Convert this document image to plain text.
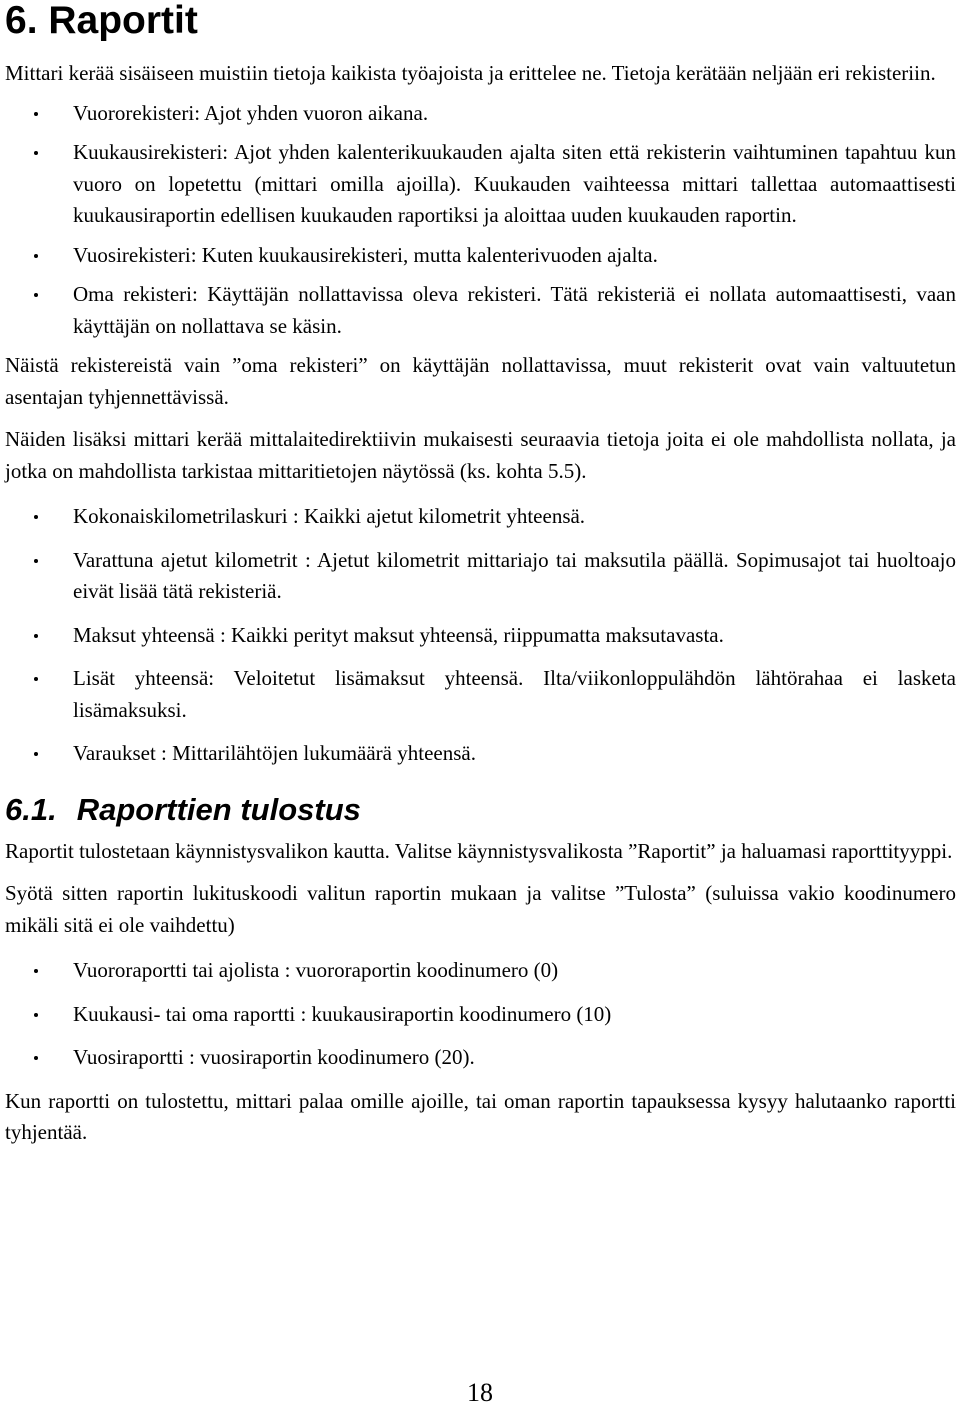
6. Raportit

Mittari kerää sisäiseen muistiin tietoja kaikista työajoista ja erittelee ne. Tietoja kerätään neljään eri rekisteriin.

Vuororekisteri: Ajot yhden vuoron aikana.
Kuukausirekisteri: Ajot yhden kalenterikuukauden ajalta siten että rekisterin vaihtuminen tapahtuu kun vuoro on lopetettu (mittari omilla ajoilla). Kuukauden vaihteessa mittari tallettaa automaattisesti kuukausiraportin edellisen kuukauden raportiksi ja aloittaa uuden kuukauden raportin.
Vuosirekisteri: Kuten kuukausirekisteri, mutta kalenterivuoden ajalta.
Oma rekisteri: Käyttäjän nollattavissa oleva rekisteri. Tätä rekisteriä ei nollata automaattisesti, vaan käyttäjän on nollattava se käsin.

Näistä rekistereistä vain ”oma rekisteri” on käyttäjän nollattavissa, muut rekisterit ovat vain valtuutetun asentajan tyhjennettävissä.

Näiden lisäksi mittari kerää mittalaitedirektiivin mukaisesti seuraavia tietoja joita ei ole mahdollista nollata, ja jotka on mahdollista tarkistaa mittaritietojen näytössä (ks. kohta 5.5).

Kokonaiskilometrilaskuri : Kaikki ajetut kilometrit yhteensä.
Varattuna ajetut kilometrit : Ajetut kilometrit mittariajo tai maksutila päällä. Sopimusajot tai huoltoajo eivät lisää tätä rekisteriä.
Maksut yhteensä : Kaikki perityt maksut yhteensä, riippumatta maksutavasta.
Lisät yhteensä: Veloitetut lisämaksut yhteensä. Ilta/viikonloppulähdön lähtörahaa ei lasketa lisämaksuksi.
Varaukset : Mittarilähtöjen lukumäärä yhteensä.
6.1. Raporttien tulostus

Raportit tulostetaan käynnistysvalikon kautta. Valitse käynnistysvalikosta ”Raportit” ja haluamasi raporttityyppi.

Syötä sitten raportin lukituskoodi valitun raportin mukaan ja valitse ”Tulosta” (suluissa vakio koodinumero mikäli sitä ei ole vaihdettu)

Vuororaportti tai ajolista : vuororaportin koodinumero (0)
Kuukausi- tai oma raportti : kuukausiraportin koodinumero (10)
Vuosiraportti : vuosiraportin koodinumero (20).

Kun raportti on tulostettu, mittari palaa omille ajoille, tai oman raportin tapauksessa kysyy halutaanko raportti tyhjentää.

18
